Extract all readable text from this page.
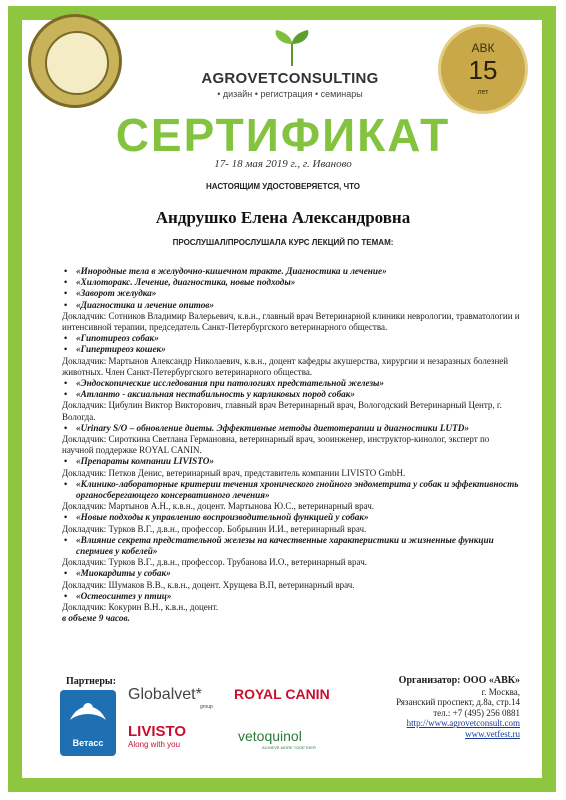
AGROVETCONSULTING
• дизайн • регистрация • семинары
АВК
15
лет
СЕРТИФИКАТ
17- 18 мая 2019 г., г. Иваново
НАСТОЯЩИМ УДОСТОВЕРЯЕТСЯ, ЧТО
Андрушко Елена Александровна
ПРОСЛУШАЛ/ПРОСЛУШАЛА КУРС ЛЕКЦИЙ ПО ТЕМАМ:
• «Инородные тела в желудочно-кишечном тракте. Диагностика и лечение»
• «Хилоторакс. Лечение, диагностика, новые подходы»
• «Заворот желудка»
• «Диагностика и лечение опитов»
Докладчик: Сотников Владимир Валерьевич, к.в.н., главный врач Ветеринарной клиники неврологии, травматологии и интенсивной терапии, председатель Санкт-Петербургского ветеринарного общества.
• «Гипотиреоз собак»
• «Гипертиреоз кошек»
Докладчик: Мартынов Александр Николаевич, к.в.н., доцент кафедры акушерства, хирургии и незаразных болезней животных. Член Санкт-Петербургского ветеринарного общества.
• «Эндоскопические исследования при патологиях предстательной железы»
• «Атланто - аксиальная нестабильность у карликовых пород собак»
Докладчик: Цибулин Виктор Викторович, главный врач Ветеринарный врач, Вологодский Ветеринарный Центр, г. Вологда.
• «Urinary S/O – обновление диеты. Эффективные методы диетотерапии и диагностики LUTD»
Докладчик: Сироткина Светлана Германовна, ветеринарный врач, зооинженер, инструктор-кинолог, эксперт по научной поддержке ROYAL CANIN.
• «Препараты компании LIVISTO»
Докладчик: Петков Денис, ветеринарный врач, представитель компании LIVISTO GmbH.
• «Клинико-лабораторные критерии течения хронического гнойного эндометрита у собак и эффективность органосберегающего консервативного лечения»
Докладчик: Мартынов А.Н., к.в.н., доцент. Мартынова Ю.С., ветеринарный врач.
• «Новые подходы к управлению воспроизводительной функцией у собак»
Докладчик: Турков В.Г., д.в.н., профессор. Бобрынин И.И., ветеринарный врач.
• «Влияние секрета предстательной железы на качественные характеристики и жизненные функции спермиев у кобелей»
Докладчик: Турков В.Г., д.в.н., профессор. Трубанова И.О., ветеринарный врач.
• «Миокардиты у собак»
Докладчик: Шумаков В.В., к.в.н., доцент. Хрущева В.П, ветеринарный врач.
• «Остеосинтез у птиц»
Докладчик: Кокурин В.Н., к.в.н., доцент.
в объеме 9 часов.
Партнеры:
Ветасс
Globalvet*
group
ROYAL CANIN
LIVISTO
Along with you
vetoquinol
ACHIEVE MORE TOGETHER
Организатор: ООО «АВК»
г. Москва,
Рязанский проспект, д.8а, стр.14
тел.: +7 (495) 256 0881
http://www.agrovetconsult.com
www.vetfest.ru
